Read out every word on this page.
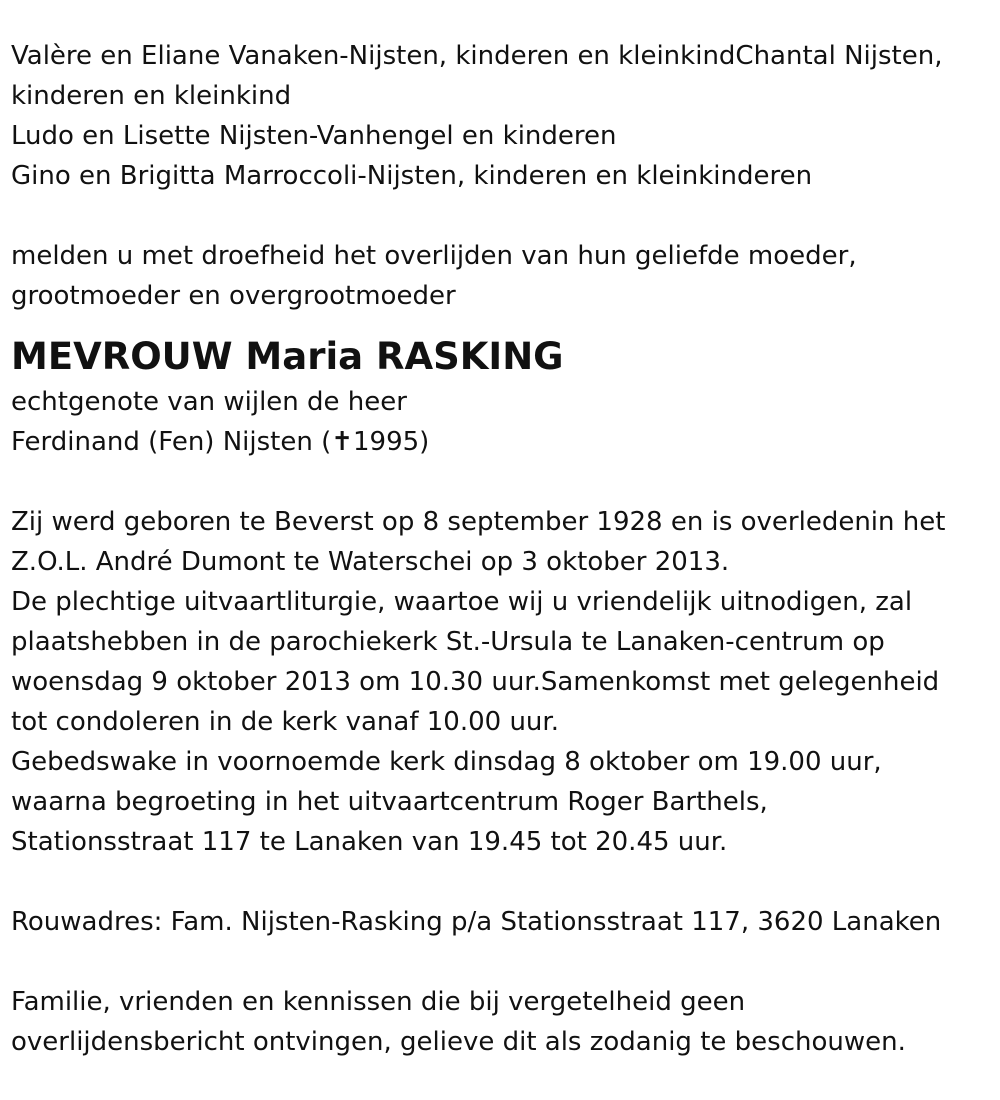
Valère en Eliane Vanaken-Nijsten, kinderen en kleinkindChantal Nijsten,

kinderen en kleinkind

Ludo en Lisette Nijsten-Vanhengel en kinderen

Gino en Brigitta Marroccoli-Nijsten, kinderen en kleinkinderen

melden u met droefheid het overlijden van hun geliefde moeder,

grootmoeder en overgrootmoeder

MEVROUW Maria RASKING

echtgenote van wijlen de heer

Ferdinand (Fen) Nijsten (✝1995)

Zij werd geboren te Beverst op 8 september 1928 en is overledenin het

Z.O.L. André Dumont te Waterschei op 3 oktober 2013.

De plechtige uitvaartliturgie, waartoe wij u vriendelijk uitnodigen, zal

plaatshebben in de parochiekerk St.-Ursula te Lanaken-centrum op

woensdag 9 oktober 2013 om 10.30 uur.Samenkomst met gelegenheid

tot condoleren in de kerk vanaf 10.00 uur.

Gebedswake in voornoemde kerk dinsdag 8 oktober om 19.00 uur,

waarna begroeting in het uitvaartcentrum Roger Barthels,

Stationsstraat 117 te Lanaken van 19.45 tot 20.45 uur.

Rouwadres: Fam. Nijsten-Rasking p/a Stationsstraat 117, 3620 Lanaken

Familie, vrienden en kennissen die bij vergetelheid geen

overlijdensbericht ontvingen, gelieve dit als zodanig te beschouwen.
